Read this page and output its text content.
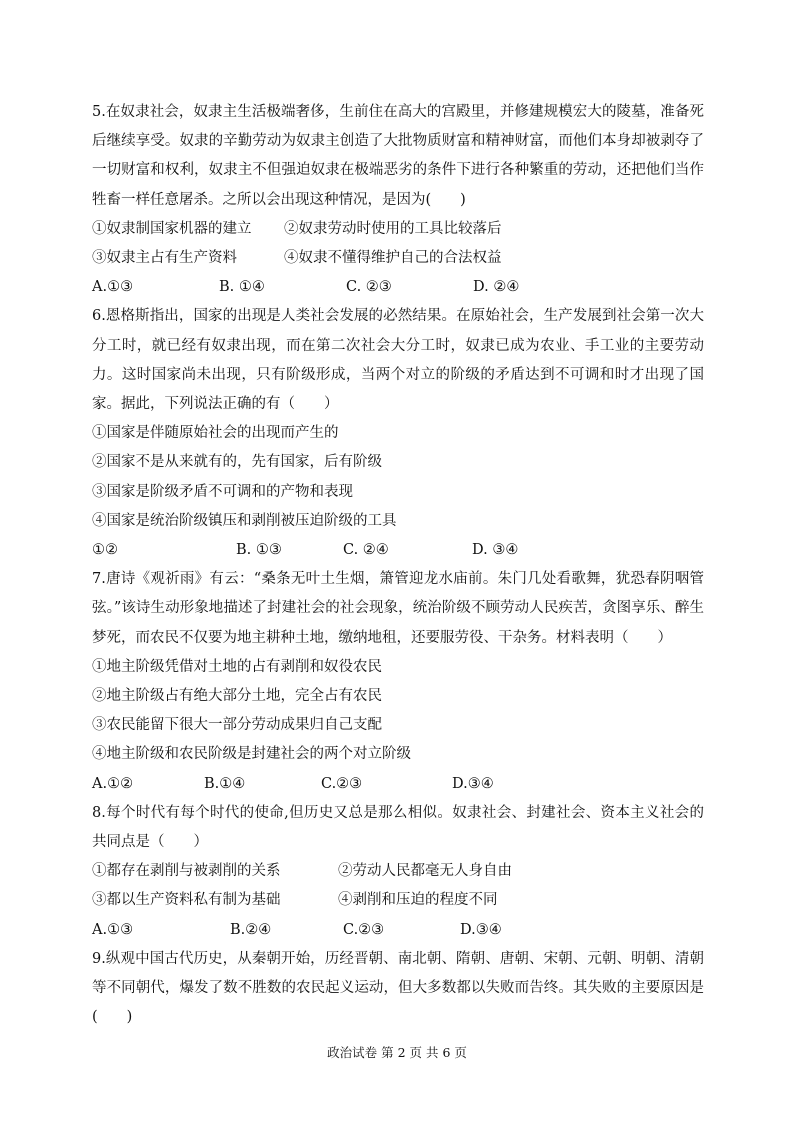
5.在奴隶社会，奴隶主生活极端奢侈，生前住在高大的宫殿里，并修建规模宏大的陵墓，准备死后继续享受。奴隶的辛勤劳动为奴隶主创造了大批物质财富和精神财富，而他们本身却被剥夺了一切财富和权利，奴隶主不但强迫奴隶在极端恶劣的条件下进行各种繁重的劳动，还把他们当作牲畜一样任意屠杀。之所以会出现这种情况，是因为(　　)
①奴隶制国家机器的建立	②奴隶劳动时使用的工具比较落后
③奴隶主占有生产资料	④奴隶不懂得维护自己的合法权益
A.①③	B. ①④	C. ②③	D. ②④
6.恩格斯指出，国家的出现是人类社会发展的必然结果。在原始社会，生产发展到社会第一次大分工时，就已经有奴隶出现，而在第二次社会大分工时，奴隶已成为农业、手工业的主要劳动力。这时国家尚未出现，只有阶级形成，当两个对立的阶级的矛盾达到不可调和时才出现了国家。据此，下列说法正确的有（　　）
①国家是伴随原始社会的出现而产生的
②国家不是从来就有的，先有国家，后有阶级
③国家是阶级矛盾不可调和的产物和表现
④国家是统治阶级镇压和剥削被压迫阶级的工具
①②	B. ①③	C. ②④	D. ③④
7.唐诗《观祈雨》有云：“桑条无叶土生烟，箫管迎龙水庙前。朱门几处看歌舞，犹恐春阴咽管弦。”该诗生动形象地描述了封建社会的社会现象，统治阶级不顾劳动人民疾苦，贪图享乐、醉生梦死，而农民不仅要为地主耕种土地，缴纳地租，还要服劳役、干杂务。材料表明（　　）
①地主阶级凭借对土地的占有剥削和奴役农民
②地主阶级占有绝大部分土地，完全占有农民
③农民能留下很大一部分劳动成果归自己支配
④地主阶级和农民阶级是封建社会的两个对立阶级
A.①②	B.①④	C.②③	D.③④
8.每个时代有每个时代的使命,但历史又总是那么相似。奴隶社会、封建社会、资本主义社会的共同点是（　　）
①都存在剥削与被剥削的关系	②劳动人民都毫无人身自由
③都以生产资料私有制为基础	④剥削和压迫的程度不同
A.①③	B.②④	C.②③	D.③④
9.纵观中国古代历史，从秦朝开始，历经晋朝、南北朝、隋朝、唐朝、宋朝、元朝、明朝、清朝等不同朝代，爆发了数不胜数的农民起义运动，但大多数都以失败而告终。其失败的主要原因是(　　)
政治试卷 第 2 页 共 6 页
